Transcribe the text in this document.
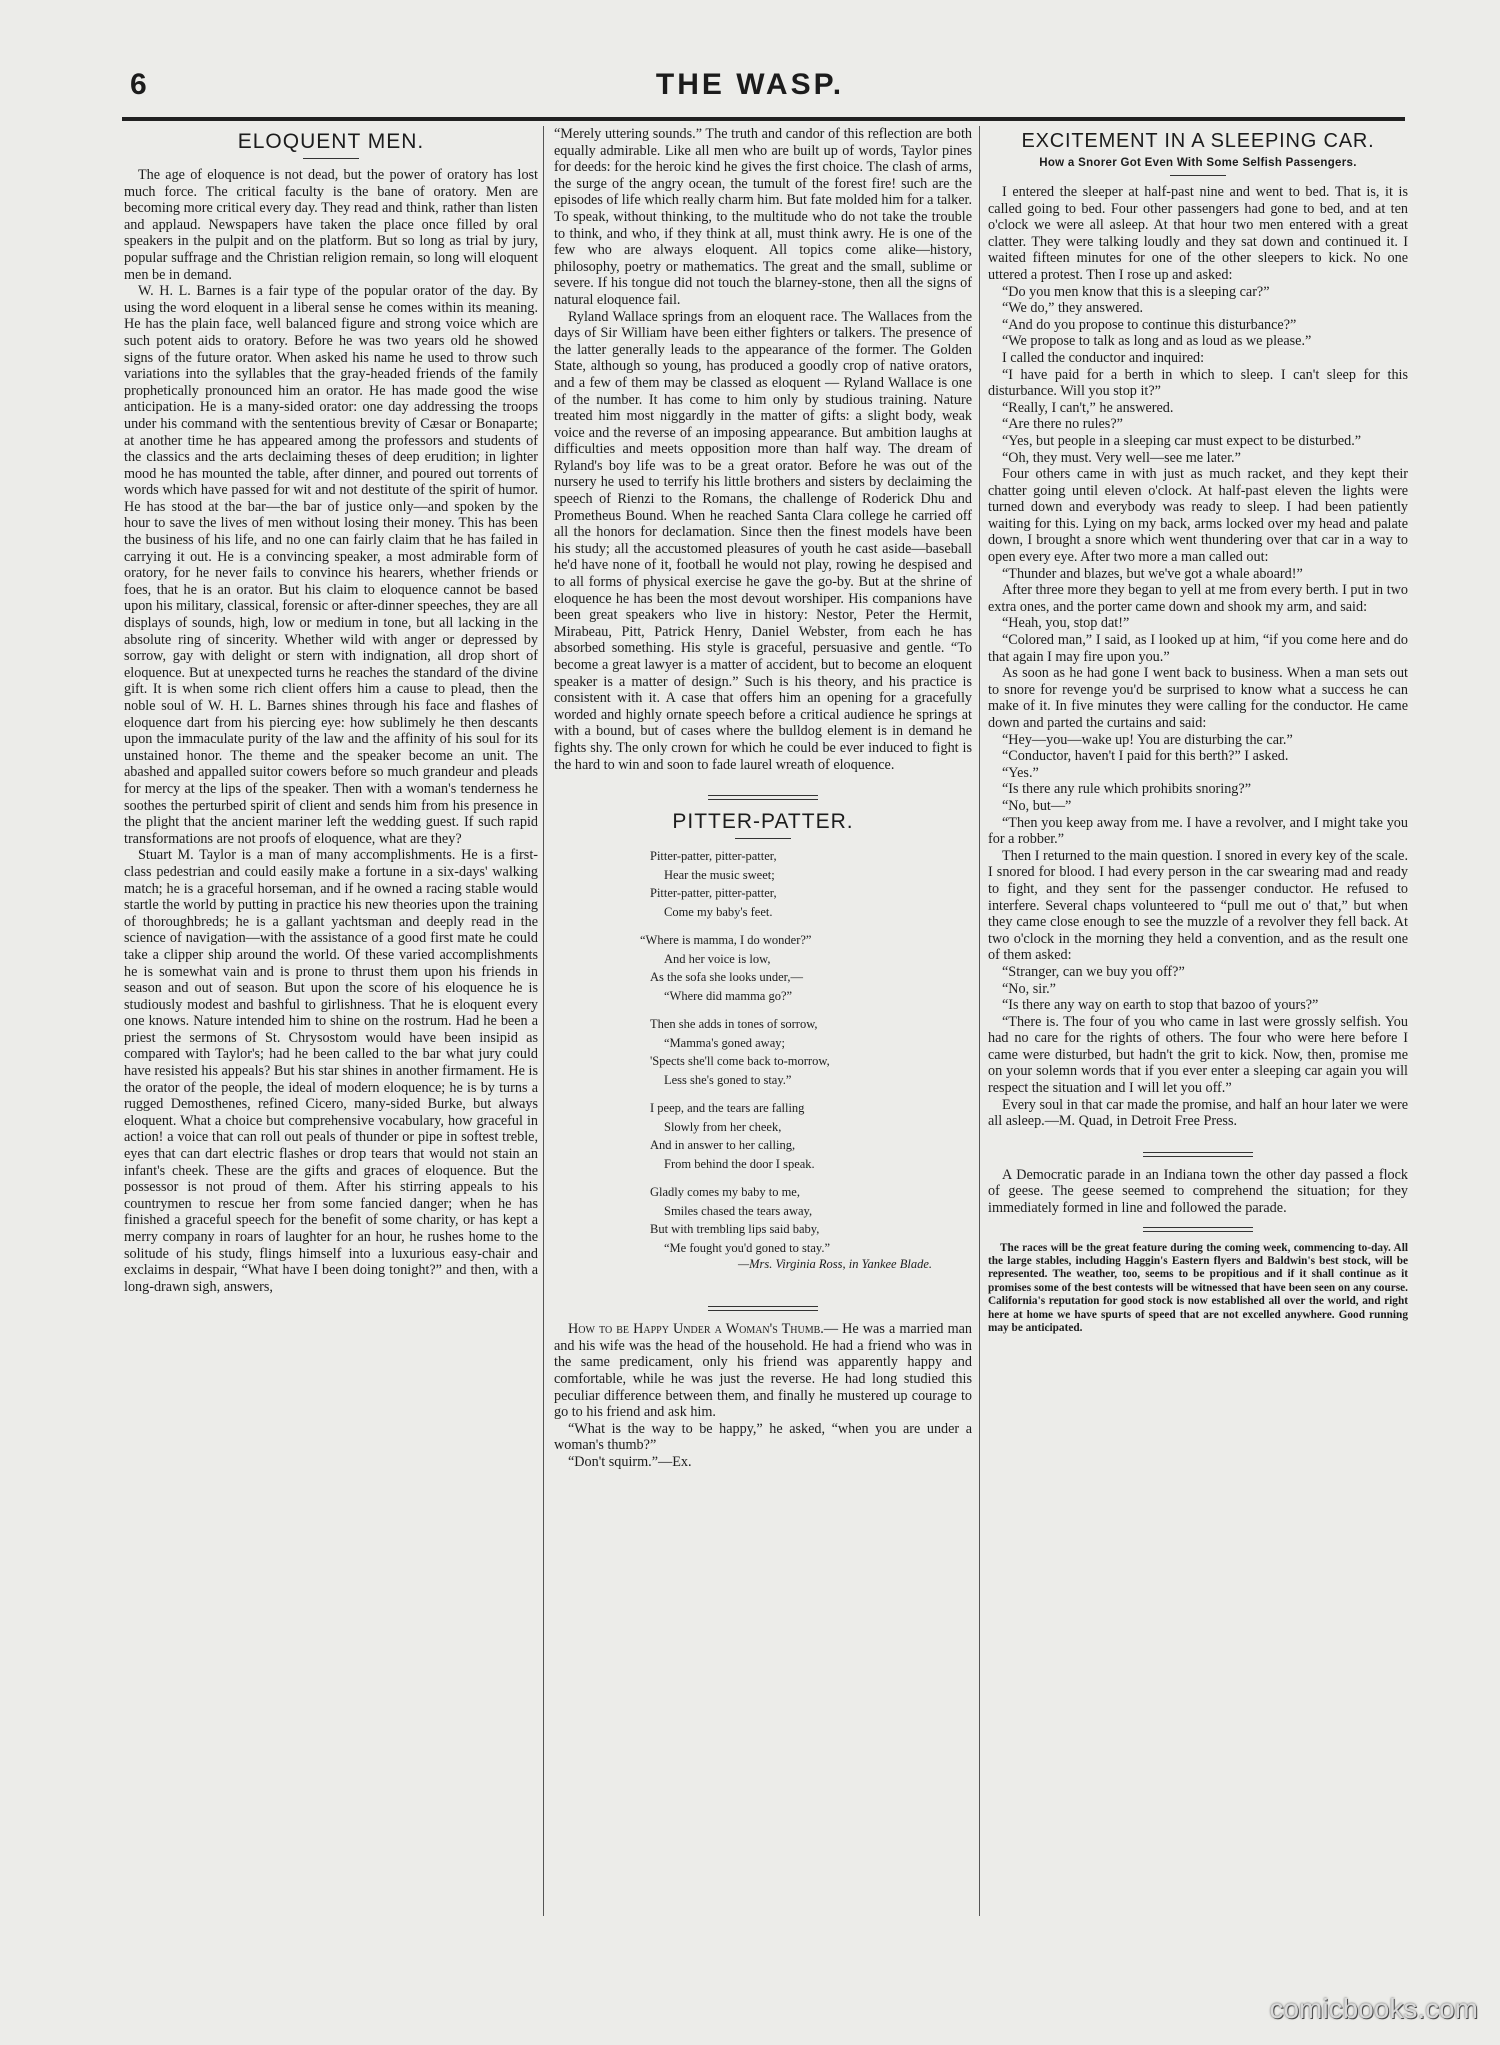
6	THE WASP.
ELOQUENT MEN.

The age of eloquence is not dead, but the power of oratory has lost much force. The critical faculty is the bane of oratory. Men are becoming more critical every day. They read and think, rather than listen and applaud. Newspapers have taken the place once filled by oral speakers in the pulpit and on the platform. But so long as trial by jury, popular suffrage and the Christian religion remain, so long will eloquent men be in demand.

W. H. L. Barnes is a fair type of the popular orator of the day. By using the word eloquent in a liberal sense he comes within its meaning. He has the plain face, well balanced figure and strong voice which are such potent aids to oratory. Before he was two years old he showed signs of the future orator. When asked his name he used to throw such variations into the syllables that the gray-headed friends of the family prophetically pronounced him an orator. He has made good the wise anticipation. He is a many-sided orator: one day addressing the troops under his command with the sententious brevity of Cæsar or Bonaparte; at another time he has appeared among the professors and students of the classics and the arts declaiming theses of deep erudition; in lighter mood he has mounted the table, after dinner, and poured out torrents of words which have passed for wit and not destitute of the spirit of humor. He has stood at the bar—the bar of justice only—and spoken by the hour to save the lives of men without losing their money. This has been the business of his life, and no one can fairly claim that he has failed in carrying it out. He is a convincing speaker, a most admirable form of oratory, for he never fails to convince his hearers, whether friends or foes, that he is an orator. But his claim to eloquence cannot be based upon his military, classical, forensic or after-dinner speeches, they are all displays of sounds, high, low or medium in tone, but all lacking in the absolute ring of sincerity. Whether wild with anger or depressed by sorrow, gay with delight or stern with indignation, all drop short of eloquence. But at unexpected turns he reaches the standard of the divine gift. It is when some rich client offers him a cause to plead, then the noble soul of W. H. L. Barnes shines through his face and flashes of eloquence dart from his piercing eye: how sublimely he then descants upon the immaculate purity of the law and the affinity of his soul for its unstained honor. The theme and the speaker become an unit. The abashed and appalled suitor cowers before so much grandeur and pleads for mercy at the lips of the speaker. Then with a woman's tenderness he soothes the perturbed spirit of client and sends him from his presence in the plight that the ancient mariner left the wedding guest. If such rapid transformations are not proofs of eloquence, what are they?

Stuart M. Taylor is a man of many accomplishments. He is a first-class pedestrian and could easily make a fortune in a six-days' walking match; he is a graceful horseman, and if he owned a racing stable would startle the world by putting in practice his new theories upon the training of thoroughbreds; he is a gallant yachtsman and deeply read in the science of navigation—with the assistance of a good first mate he could take a clipper ship around the world. Of these varied accomplishments he is somewhat vain and is prone to thrust them upon his friends in season and out of season. But upon the score of his eloquence he is studiously modest and bashful to girlishness. That he is eloquent every one knows. Nature intended him to shine on the rostrum. Had he been a priest the sermons of St. Chrysostom would have been insipid as compared with Taylor's; had he been called to the bar what jury could have resisted his appeals? But his star shines in another firmament. He is the orator of the people, the ideal of modern eloquence; he is by turns a rugged Demosthenes, refined Cicero, many-sided Burke, but always eloquent. What a choice but comprehensive vocabulary, how graceful in action! a voice that can roll out peals of thunder or pipe in softest treble, eyes that can dart electric flashes or drop tears that would not stain an infant's cheek. These are the gifts and graces of eloquence. But the possessor is not proud of them. After his stirring appeals to his countrymen to rescue her from some fancied danger; when he has finished a graceful speech for the benefit of some charity, or has kept a merry company in roars of laughter for an hour, he rushes home to the solitude of his study, flings himself into a luxurious easy-chair and exclaims in despair, “What have I been doing tonight?” and then, with a long-drawn sigh, answers,

“Merely uttering sounds.” The truth and candor of this reflection are both equally admirable. Like all men who are built up of words, Taylor pines for deeds: for the heroic kind he gives the first choice. The clash of arms, the surge of the angry ocean, the tumult of the forest fire! such are the episodes of life which really charm him. But fate molded him for a talker. To speak, without thinking, to the multitude who do not take the trouble to think, and who, if they think at all, must think awry. He is one of the few who are always eloquent. All topics come alike—history, philosophy, poetry or mathematics. The great and the small, sublime or severe. If his tongue did not touch the blarney-stone, then all the signs of natural eloquence fail.

Ryland Wallace springs from an eloquent race. The Wallaces from the days of Sir William have been either fighters or talkers. The presence of the latter generally leads to the appearance of the former. The Golden State, although so young, has produced a goodly crop of native orators, and a few of them may be classed as eloquent — Ryland Wallace is one of the number. It has come to him only by studious training. Nature treated him most niggardly in the matter of gifts: a slight body, weak voice and the reverse of an imposing appearance. But ambition laughs at difficulties and meets opposition more than half way. The dream of Ryland's boy life was to be a great orator. Before he was out of the nursery he used to terrify his little brothers and sisters by declaiming the speech of Rienzi to the Romans, the challenge of Roderick Dhu and Prometheus Bound. When he reached Santa Clara college he carried off all the honors for declamation. Since then the finest models have been his study; all the accustomed pleasures of youth he cast aside—baseball he'd have none of it, football he would not play, rowing he despised and to all forms of physical exercise he gave the go-by. But at the shrine of eloquence he has been the most devout worshiper. His companions have been great speakers who live in history: Nestor, Peter the Hermit, Mirabeau, Pitt, Patrick Henry, Daniel Webster, from each he has absorbed something. His style is graceful, persuasive and gentle. “To become a great lawyer is a matter of accident, but to become an eloquent speaker is a matter of design.” Such is his theory, and his practice is consistent with it. A case that offers him an opening for a gracefully worded and highly ornate speech before a critical audience he springs at with a bound, but of cases where the bulldog element is in demand he fights shy. The only crown for which he could be ever induced to fight is the hard to win and soon to fade laurel wreath of eloquence.

PITTER-PATTER.
Pitter-patter, pitter-patter,
Hear the music sweet;
Pitter-patter, pitter-patter,
Come my baby's feet.
“Where is mamma, I do wonder?”
And her voice is low,
As the sofa she looks under,—
“Where did mamma go?”
Then she adds in tones of sorrow,
“Mamma's goned away;
'Spects she'll come back to-morrow,
Less she's goned to stay.”
I peep, and the tears are falling
Slowly from her cheek,
And in answer to her calling,
From behind the door I speak.
Gladly comes my baby to me,
Smiles chased the tears away,
But with trembling lips said baby,
“Me fought you'd goned to stay.”
—Mrs. Virginia Ross, in Yankee Blade.

How to be Happy Under a Woman's Thumb.— He was a married man and his wife was the head of the household. He had a friend who was in the same predicament, only his friend was apparently happy and comfortable, while he was just the reverse. He had long studied this peculiar difference between them, and finally he mustered up courage to go to his friend and ask him.

“What is the way to be happy,” he asked, “when you are under a woman's thumb?”

“Don't squirm.”—Ex.

EXCITEMENT IN A SLEEPING CAR.
How a Snorer Got Even With Some Selfish Passengers.

I entered the sleeper at half-past nine and went to bed. That is, it is called going to bed. Four other passengers had gone to bed, and at ten o'clock we were all asleep. At that hour two men entered with a great clatter. They were talking loudly and they sat down and continued it. I waited fifteen minutes for one of the other sleepers to kick. No one uttered a protest. Then I rose up and asked:

“Do you men know that this is a sleeping car?”

“We do,” they answered.

“And do you propose to continue this disturbance?”

“We propose to talk as long and as loud as we please.”

I called the conductor and inquired:

“I have paid for a berth in which to sleep. I can't sleep for this disturbance. Will you stop it?”

“Really, I can't,” he answered.

“Are there no rules?”

“Yes, but people in a sleeping car must expect to be disturbed.”

“Oh, they must. Very well—see me later.”

Four others came in with just as much racket, and they kept their chatter going until eleven o'clock. At half-past eleven the lights were turned down and everybody was ready to sleep. I had been patiently waiting for this. Lying on my back, arms locked over my head and palate down, I brought a snore which went thundering over that car in a way to open every eye. After two more a man called out:

“Thunder and blazes, but we've got a whale aboard!”

After three more they began to yell at me from every berth. I put in two extra ones, and the porter came down and shook my arm, and said:

“Heah, you, stop dat!”

“Colored man,” I said, as I looked up at him, “if you come here and do that again I may fire upon you.”

As soon as he had gone I went back to business. When a man sets out to snore for revenge you'd be surprised to know what a success he can make of it. In five minutes they were calling for the conductor. He came down and parted the curtains and said:

“Hey—you—wake up! You are disturbing the car.”

“Conductor, haven't I paid for this berth?” I asked.

“Yes.”

“Is there any rule which prohibits snoring?”

“No, but—”

“Then you keep away from me. I have a revolver, and I might take you for a robber.”

Then I returned to the main question. I snored in every key of the scale. I snored for blood. I had every person in the car swearing mad and ready to fight, and they sent for the passenger conductor. He refused to interfere. Several chaps volunteered to “pull me out o' that,” but when they came close enough to see the muzzle of a revolver they fell back. At two o'clock in the morning they held a convention, and as the result one of them asked:

“Stranger, can we buy you off?”

“No, sir.”

“Is there any way on earth to stop that bazoo of yours?”

“There is. The four of you who came in last were grossly selfish. You had no care for the rights of others. The four who were here before I came were disturbed, but hadn't the grit to kick. Now, then, promise me on your solemn words that if you ever enter a sleeping car again you will respect the situation and I will let you off.”

Every soul in that car made the promise, and half an hour later we were all asleep.—M. Quad, in Detroit Free Press.

A Democratic parade in an Indiana town the other day passed a flock of geese. The geese seemed to comprehend the situation; for they immediately formed in line and followed the parade.

The races will be the great feature during the coming week, commencing to-day. All the large stables, including Haggin's Eastern flyers and Baldwin's best stock, will be represented. The weather, too, seems to be propitious and if it shall continue as it promises some of the best contests will be witnessed that have been seen on any course. California's reputation for good stock is now established all over the world, and right here at home we have spurts of speed that are not excelled anywhere. Good running may be anticipated.

comicbooks.com
